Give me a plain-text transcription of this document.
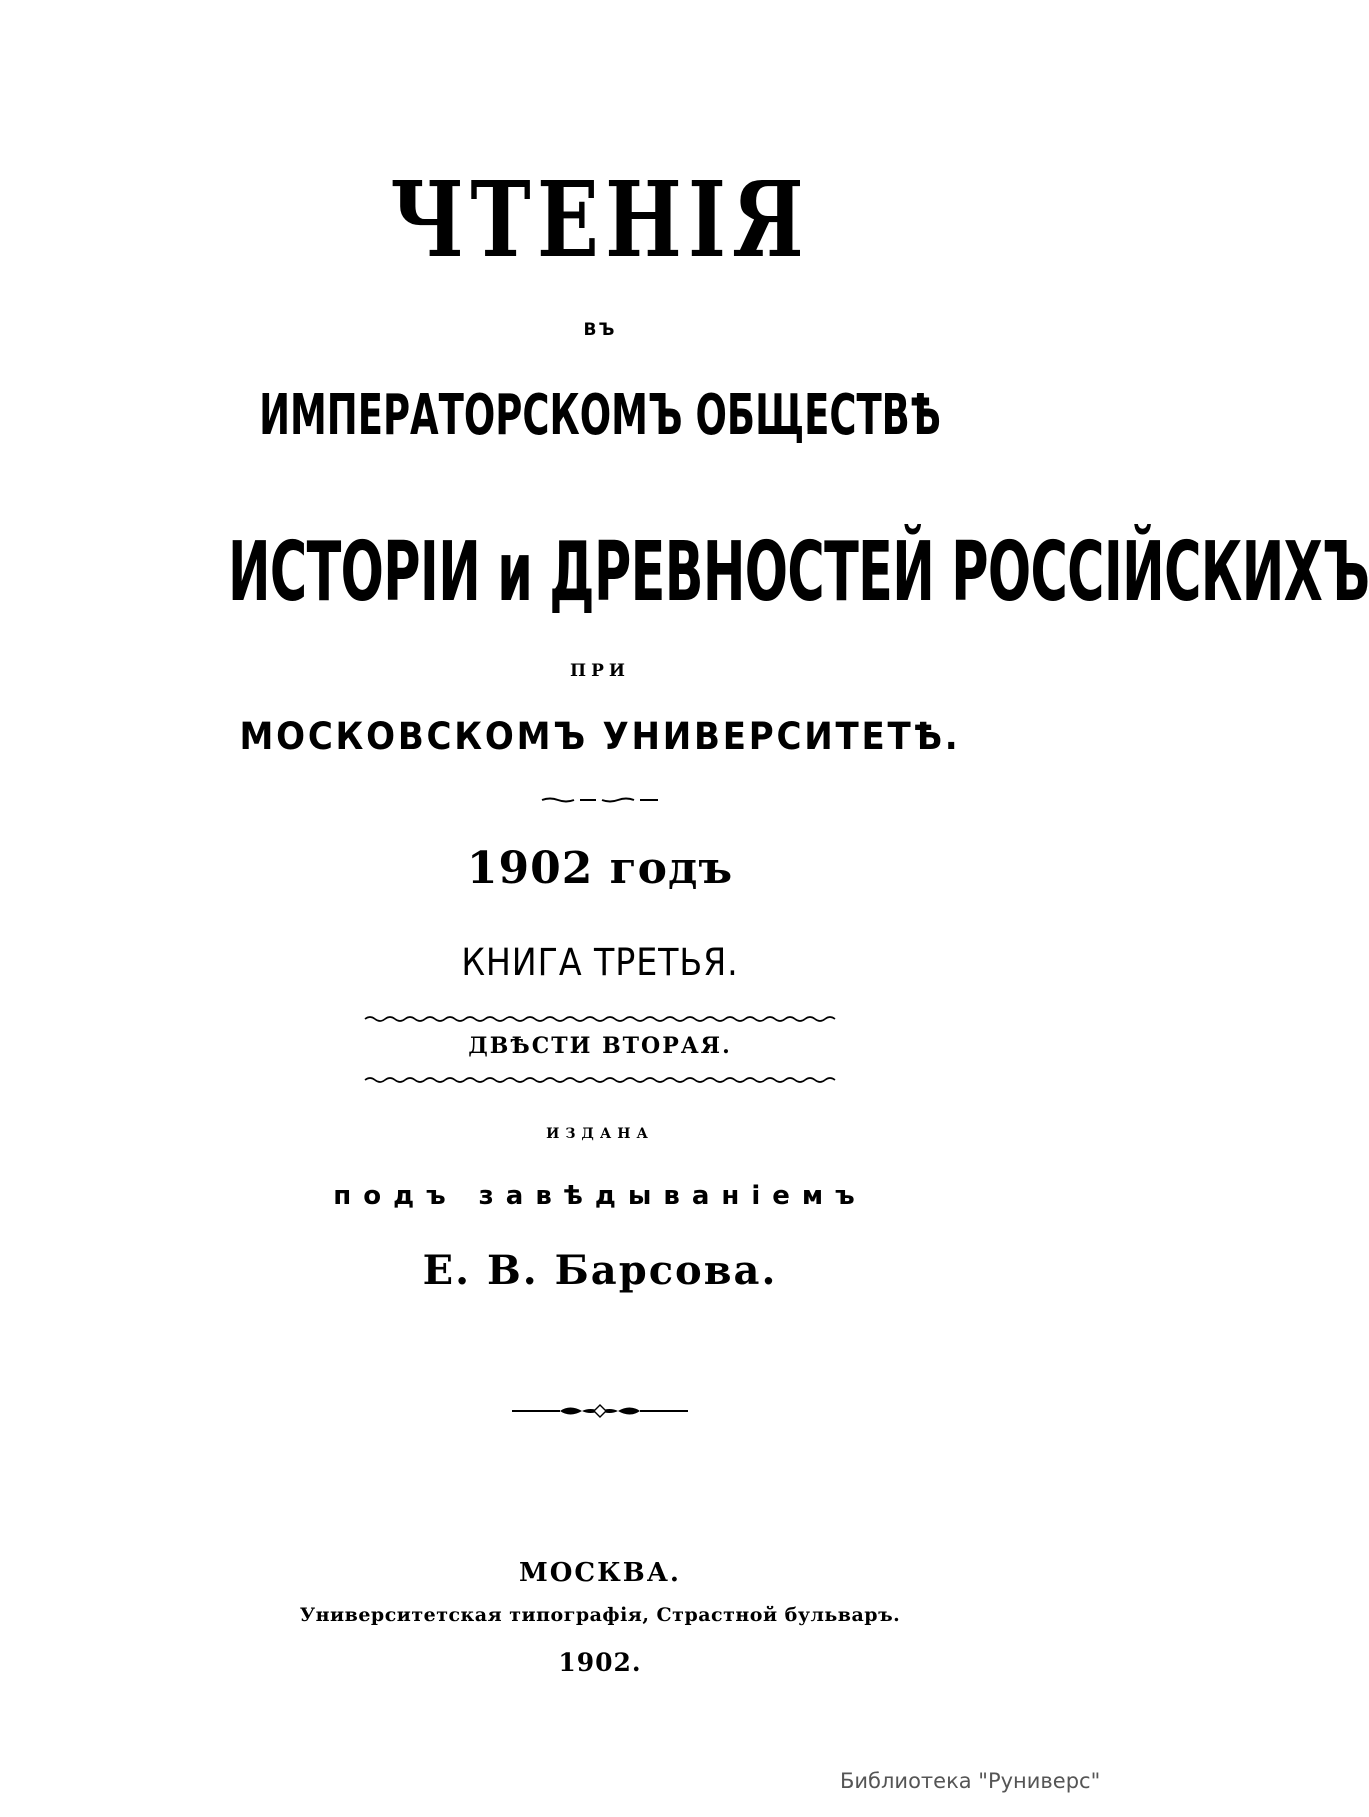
ЧТЕНІЯ
ВЪ
ИМПЕРАТОРСКОМЪ ОБЩЕСТВѢ
ИСТОРІИ и ДРЕВНОСТЕЙ РОССІЙСКИХЪ
ПРИ
МОСКОВСКОМЪ УНИВЕРСИТЕТѢ.
1902 годъ
КНИГА ТРЕТЬЯ.
ДВѢСТИ ВТОРАЯ.
ИЗДАНА
подъ завѣдыванiемъ
Е. В. Барсова.
МОСКВА.
Университетская типографія, Страстной бульваръ.
1902.
Библиотека "Руниверс"
